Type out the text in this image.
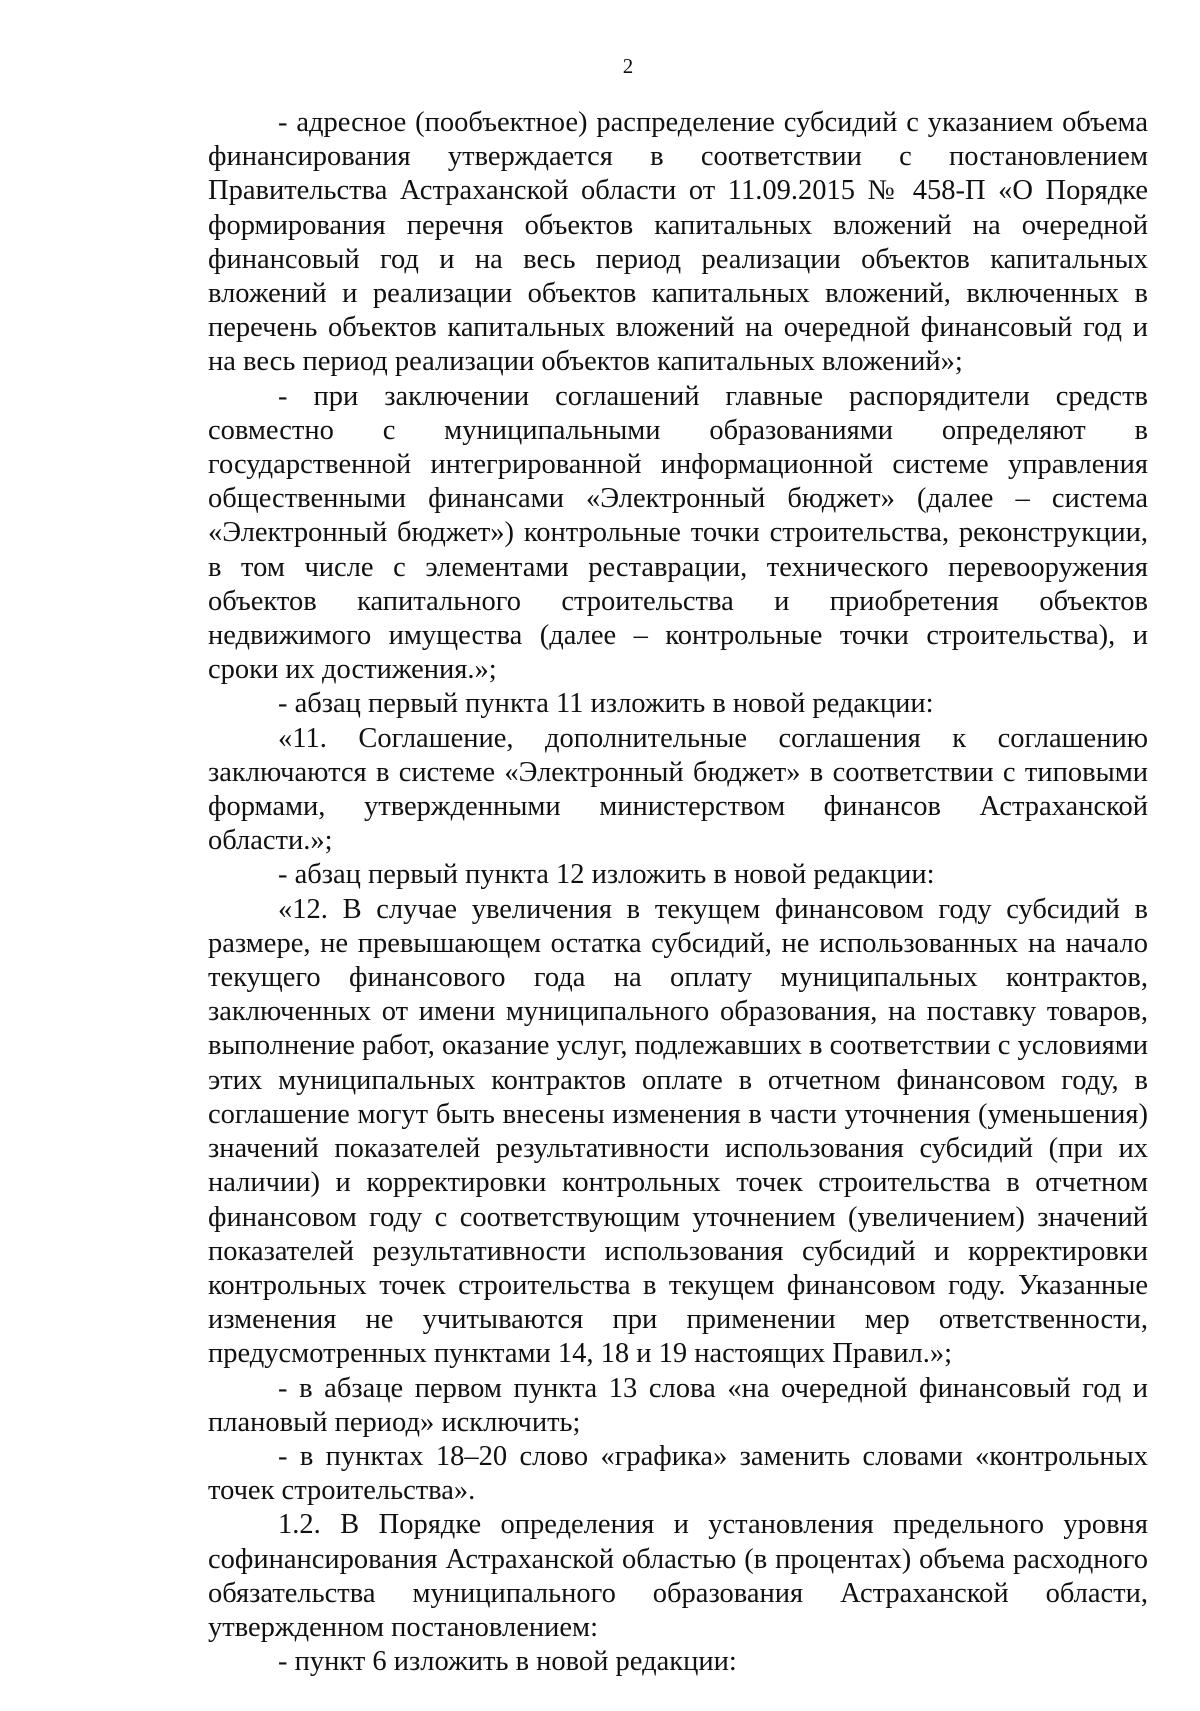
2

- адресное (пообъектное) распределение субсидий с указанием объема финансирования утверждается в соответствии с постановлением Правительства Астраханской области от 11.09.2015 № 458-П «О Порядке формирования перечня объектов капитальных вложений на очередной финансовый год и на весь период реализации объектов капитальных вложений и реализации объектов капитальных вложений, включенных в перечень объектов капитальных вложений на очередной финансовый год и на весь период реализации объектов капитальных вложений»;

- при заключении соглашений главные распорядители средств совместно с муниципальными образованиями определяют в государственной интегрированной информационной системе управления общественными финансами «Электронный бюджет» (далее – система «Электронный бюджет») контрольные точки строительства, реконструкции, в том числе с элементами реставрации, технического перевооружения объектов капитального строительства и приобретения объектов недвижимого имущества (далее – контрольные точки строительства), и сроки их достижения.»;

- абзац первый пункта 11 изложить в новой редакции:

«11. Соглашение, дополнительные соглашения к соглашению заключаются в системе «Электронный бюджет» в соответствии с типовыми формами, утвержденными министерством финансов Астраханской области.»;

- абзац первый пункта 12 изложить в новой редакции:

«12. В случае увеличения в текущем финансовом году субсидий в размере, не превышающем остатка субсидий, не использованных на начало текущего финансового года на оплату муниципальных контрактов, заключенных от имени муниципального образования, на поставку товаров, выполнение работ, оказание услуг, подлежавших в соответствии с условиями этих муниципальных контрактов оплате в отчетном финансовом году, в соглашение могут быть внесены изменения в части уточнения (уменьшения) значений показателей результативности использования субсидий (при их наличии) и корректировки контрольных точек строительства в отчетном финансовом году с соответствующим уточнением (увеличением) значений показателей результативности использования субсидий и корректировки контрольных точек строительства в текущем финансовом году. Указанные изменения не учитываются при применении мер ответственности, предусмотренных пунктами 14, 18 и 19 настоящих Правил.»;

- в абзаце первом пункта 13 слова «на очередной финансовый год и плановый период» исключить;

- в пунктах 18–20 слово «графика» заменить словами «контрольных точек строительства».

1.2. В Порядке определения и установления предельного уровня софинансирования Астраханской областью (в процентах) объема расходного обязательства муниципального образования Астраханской области, утвержденном постановлением:

- пункт 6 изложить в новой редакции:
